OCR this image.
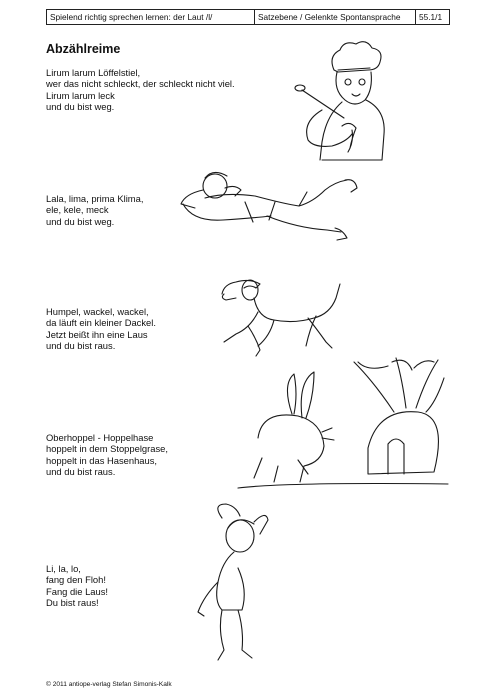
Spielend richtig sprechen lernen: der Laut /l/	Satzebene / Gelenkte Spontansprache	55.1/1
Abzählreime
Lirum larum Löffelstiel,
wer das nicht schleckt, der schleckt nicht viel.
Lirum larum leck
und du bist weg.
Lala, lima, prima Klima,
ele, kele, meck
und du bist weg.
Humpel, wackel, wackel,
da läuft ein kleiner Dackel.
Jetzt beißt ihn eine Laus
und du bist raus.
Oberhoppel - Hoppelhase
hoppelt in dem Stoppelgrase,
hoppelt in das Hasenhaus,
und du bist raus.
Li, la, lo,
fang den Floh!
Fang die Laus!
Du bist raus!
© 2011 antiope-verlag Stefan Simonis-Kalk
